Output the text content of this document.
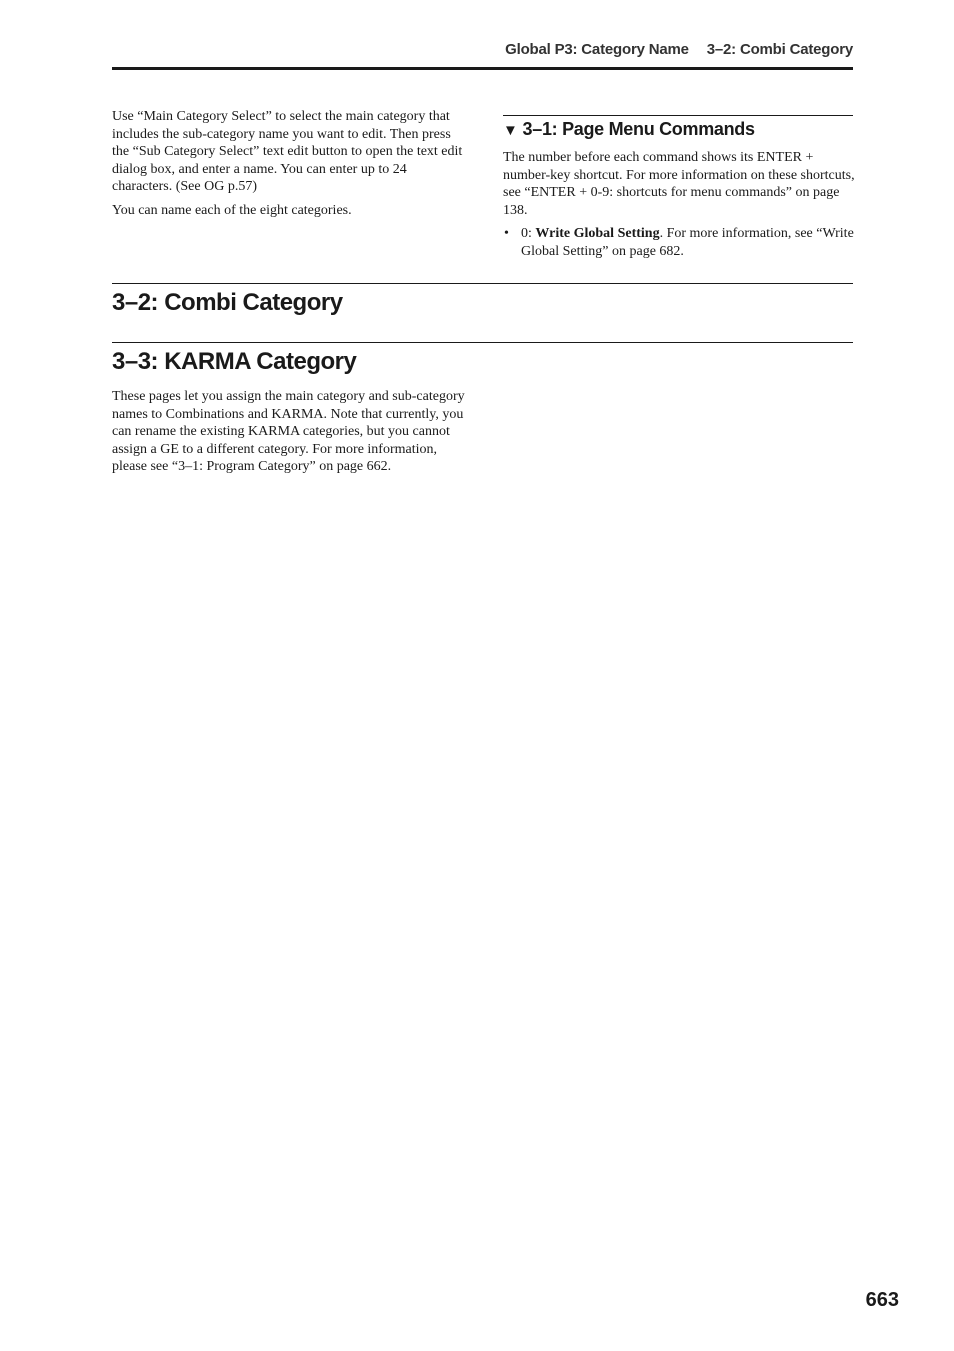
Global P3: Category Name 3–2: Combi Category

Use “Main Category Select” to select the main category that includes the sub-category name you want to edit. Then press the “Sub Category Select” text edit button to open the text edit dialog box, and enter a name. You can enter up to 24 characters. (See OG p.57)

You can name each of the eight categories.

▼ 3–1: Page Menu Commands

The number before each command shows its ENTER + number-key shortcut. For more information on these shortcuts, see “ENTER + 0-9: shortcuts for menu commands” on page 138.

• 0: Write Global Setting. For more information, see “Write Global Setting” on page 682.
3–2: Combi Category
3–3: KARMA Category

These pages let you assign the main category and sub-category names to Combinations and KARMA. Note that currently, you can rename the existing KARMA categories, but you cannot assign a GE to a different category. For more information, please see “3–1: Program Category” on page 662.

663
